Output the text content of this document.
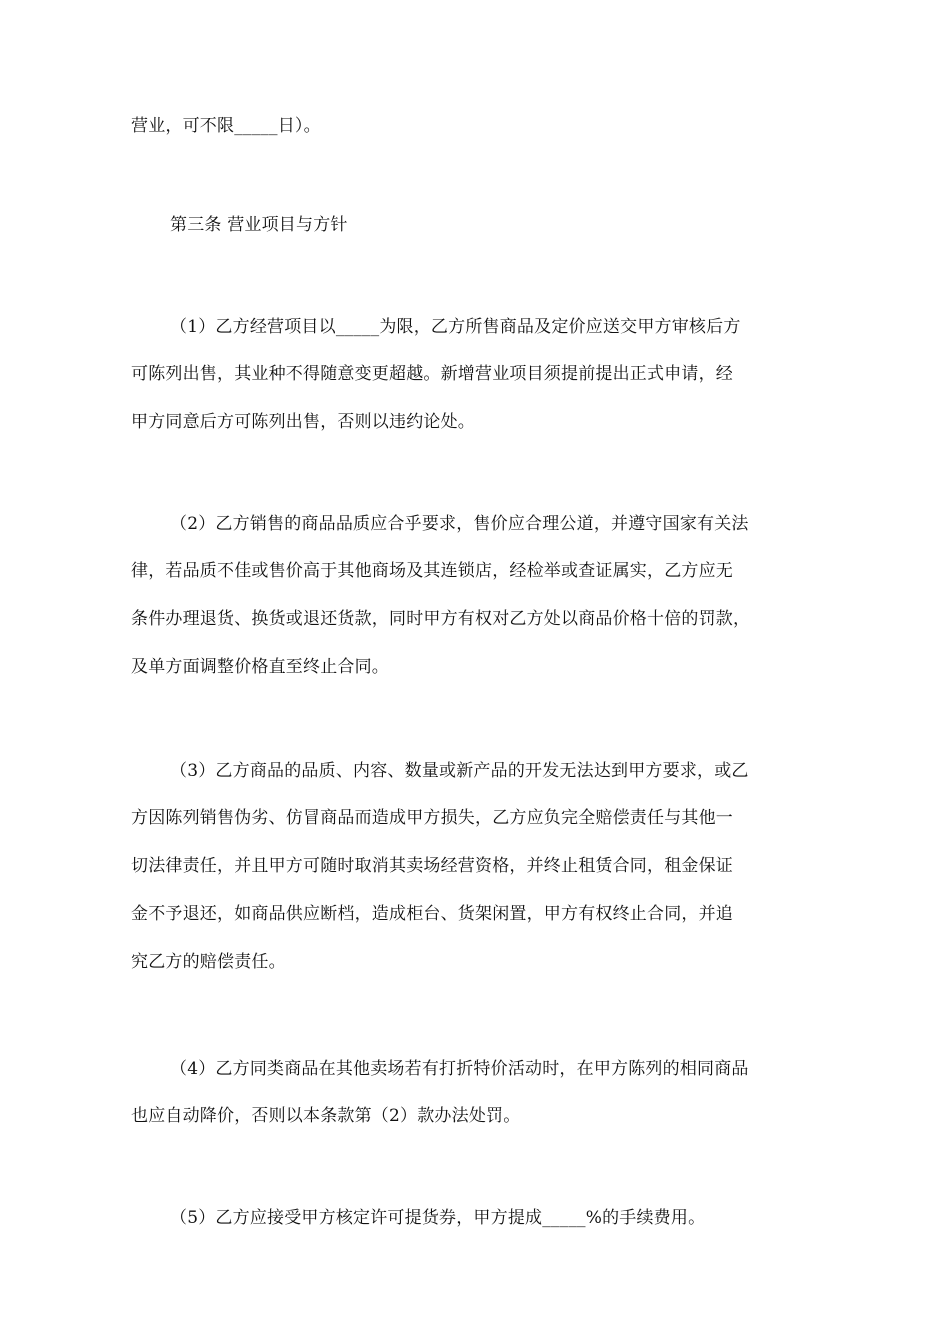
营业，可不限_____日）。
第三条 营业项目与方针
（1）乙方经营项目以_____为限，乙方所售商品及定价应送交甲方审核后方
可陈列出售，其业种不得随意变更超越。新增营业项目须提前提出正式申请，经
甲方同意后方可陈列出售，否则以违约论处。
（2）乙方销售的商品品质应合乎要求，售价应合理公道，并遵守国家有关法
律，若品质不佳或售价高于其他商场及其连锁店，经检举或查证属实，乙方应无
条件办理退货、换货或退还货款，同时甲方有权对乙方处以商品价格十倍的罚款，
及单方面调整价格直至终止合同。
（3）乙方商品的品质、内容、数量或新产品的开发无法达到甲方要求，或乙
方因陈列销售伪劣、仿冒商品而造成甲方损失，乙方应负完全赔偿责任与其他一
切法律责任，并且甲方可随时取消其卖场经营资格，并终止租赁合同，租金保证
金不予退还，如商品供应断档，造成柜台、货架闲置，甲方有权终止合同，并追
究乙方的赔偿责任。
（4）乙方同类商品在其他卖场若有打折特价活动时，在甲方陈列的相同商品
也应自动降价，否则以本条款第（2）款办法处罚。
（5）乙方应接受甲方核定许可提货券，甲方提成_____%的手续费用。
